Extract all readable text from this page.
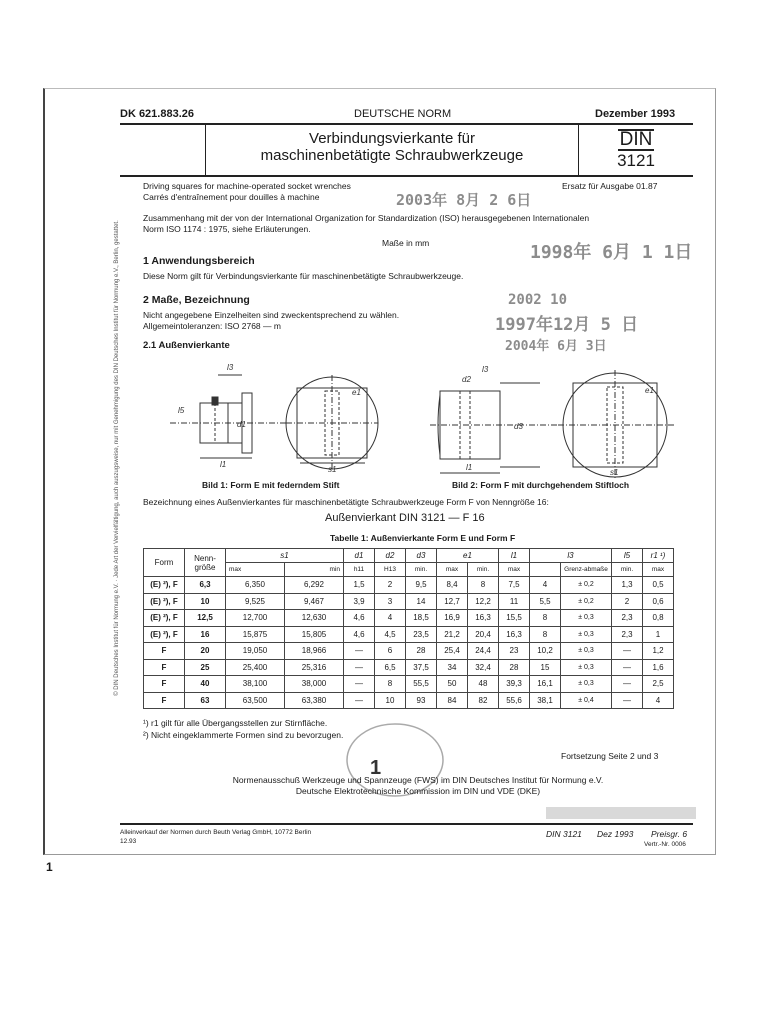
© DIN Deutsches Institut für Normung e.V. · Jede Art der Vervielfältigung, auch auszugsweise, nur mit Genehmigung des DIN Deutsches Institut für Normung e.V., Berlin, gestattet.
DK 621.883.26	DEUTSCHE NORM	Dezember 1993
Verbindungsvierkante für
maschinenbetätigte Schraubwerkzeuge
DIN
3121
Driving squares for machine-operated socket wrenches
Carrés d'entraînement pour douilles à machine
Ersatz für Ausgabe 01.87
2003年 8月 2 6日
Zusammenhang mit der von der International Organization for Standardization (ISO) herausgegebenen Internationalen
Norm ISO 1174 : 1975, siehe Erläuterungen.
Maße in mm	1998年 6月 1 1日
1 Anwendungsbereich
Diese Norm gilt für Verbindungsvierkante für maschinenbetätigte Schraubwerkzeuge.
2 Maße, Bezeichnung
Nicht angegebene Einzelheiten sind zweckentsprechend zu wählen.
Allgemeintoleranzen: ISO 2768 — m
2002 10
1997年12月 5 日
2004年 6月 3日
2.1 Außenvierkante
l3
d1
l1
l5
s1
e1
d2
l3
d3
l1
s1
e1
Bild 1: Form E mit federndem Stift	Bild 2: Form F mit durchgehendem Stiftloch
Bezeichnung eines Außenvierkantes für maschinenbetätigte Schraubwerkzeuge Form F von Nenngröße 16:
Außenvierkant DIN 3121 — F 16
Tabelle 1: Außenvierkante Form E und Form F
Form	Nenn-größe	s1		d1	d2	d3	e1		l1	l3		l5	r1 ¹)
		max	min	h11	H13	min.	max	min.	max		Grenz-abmaße	min.	max
(E) ²), F	6,3	6,350	6,292	1,5	2	9,5	8,4	8	7,5	4	± 0,2	1,3	0,5
(E) ²), F	10	9,525	9,467	3,9	3	14	12,7	12,2	11	5,5	± 0,2	2	0,6
(E) ²), F	12,5	12,700	12,630	4,6	4	18,5	16,9	16,3	15,5	8	± 0,3	2,3	0,8
(E) ²), F	16	15,875	15,805	4,6	4,5	23,5	21,2	20,4	16,3	8	± 0,3	2,3	1
F	20	19,050	18,966	—	6	28	25,4	24,4	23	10,2	± 0,3	—	1,2
F	25	25,400	25,316	—	6,5	37,5	34	32,4	28	15	± 0,3	—	1,6
F	40	38,100	38,000	—	8	55,5	50	48	39,3	16,1	± 0,3	—	2,5
F	63	63,500	63,380	—	10	93	84	82	55,6	38,1	± 0,4	—	4
¹) r1 gilt für alle Übergangsstellen zur Stirnfläche.
²) Nicht eingeklammerte Formen sind zu bevorzugen.
1
Fortsetzung Seite 2 und 3
Normenausschuß Werkzeuge und Spannzeuge (FWS) im DIN Deutsches Institut für Normung e.V.
Deutsche Elektrotechnische Kommission im DIN und VDE (DKE)
Alleinverkauf der Normen durch Beuth Verlag GmbH, 10772 Berlin
12.93
DIN 3121 Dez 1993 Preisgr. 6
Vertr.-Nr. 0006
1
